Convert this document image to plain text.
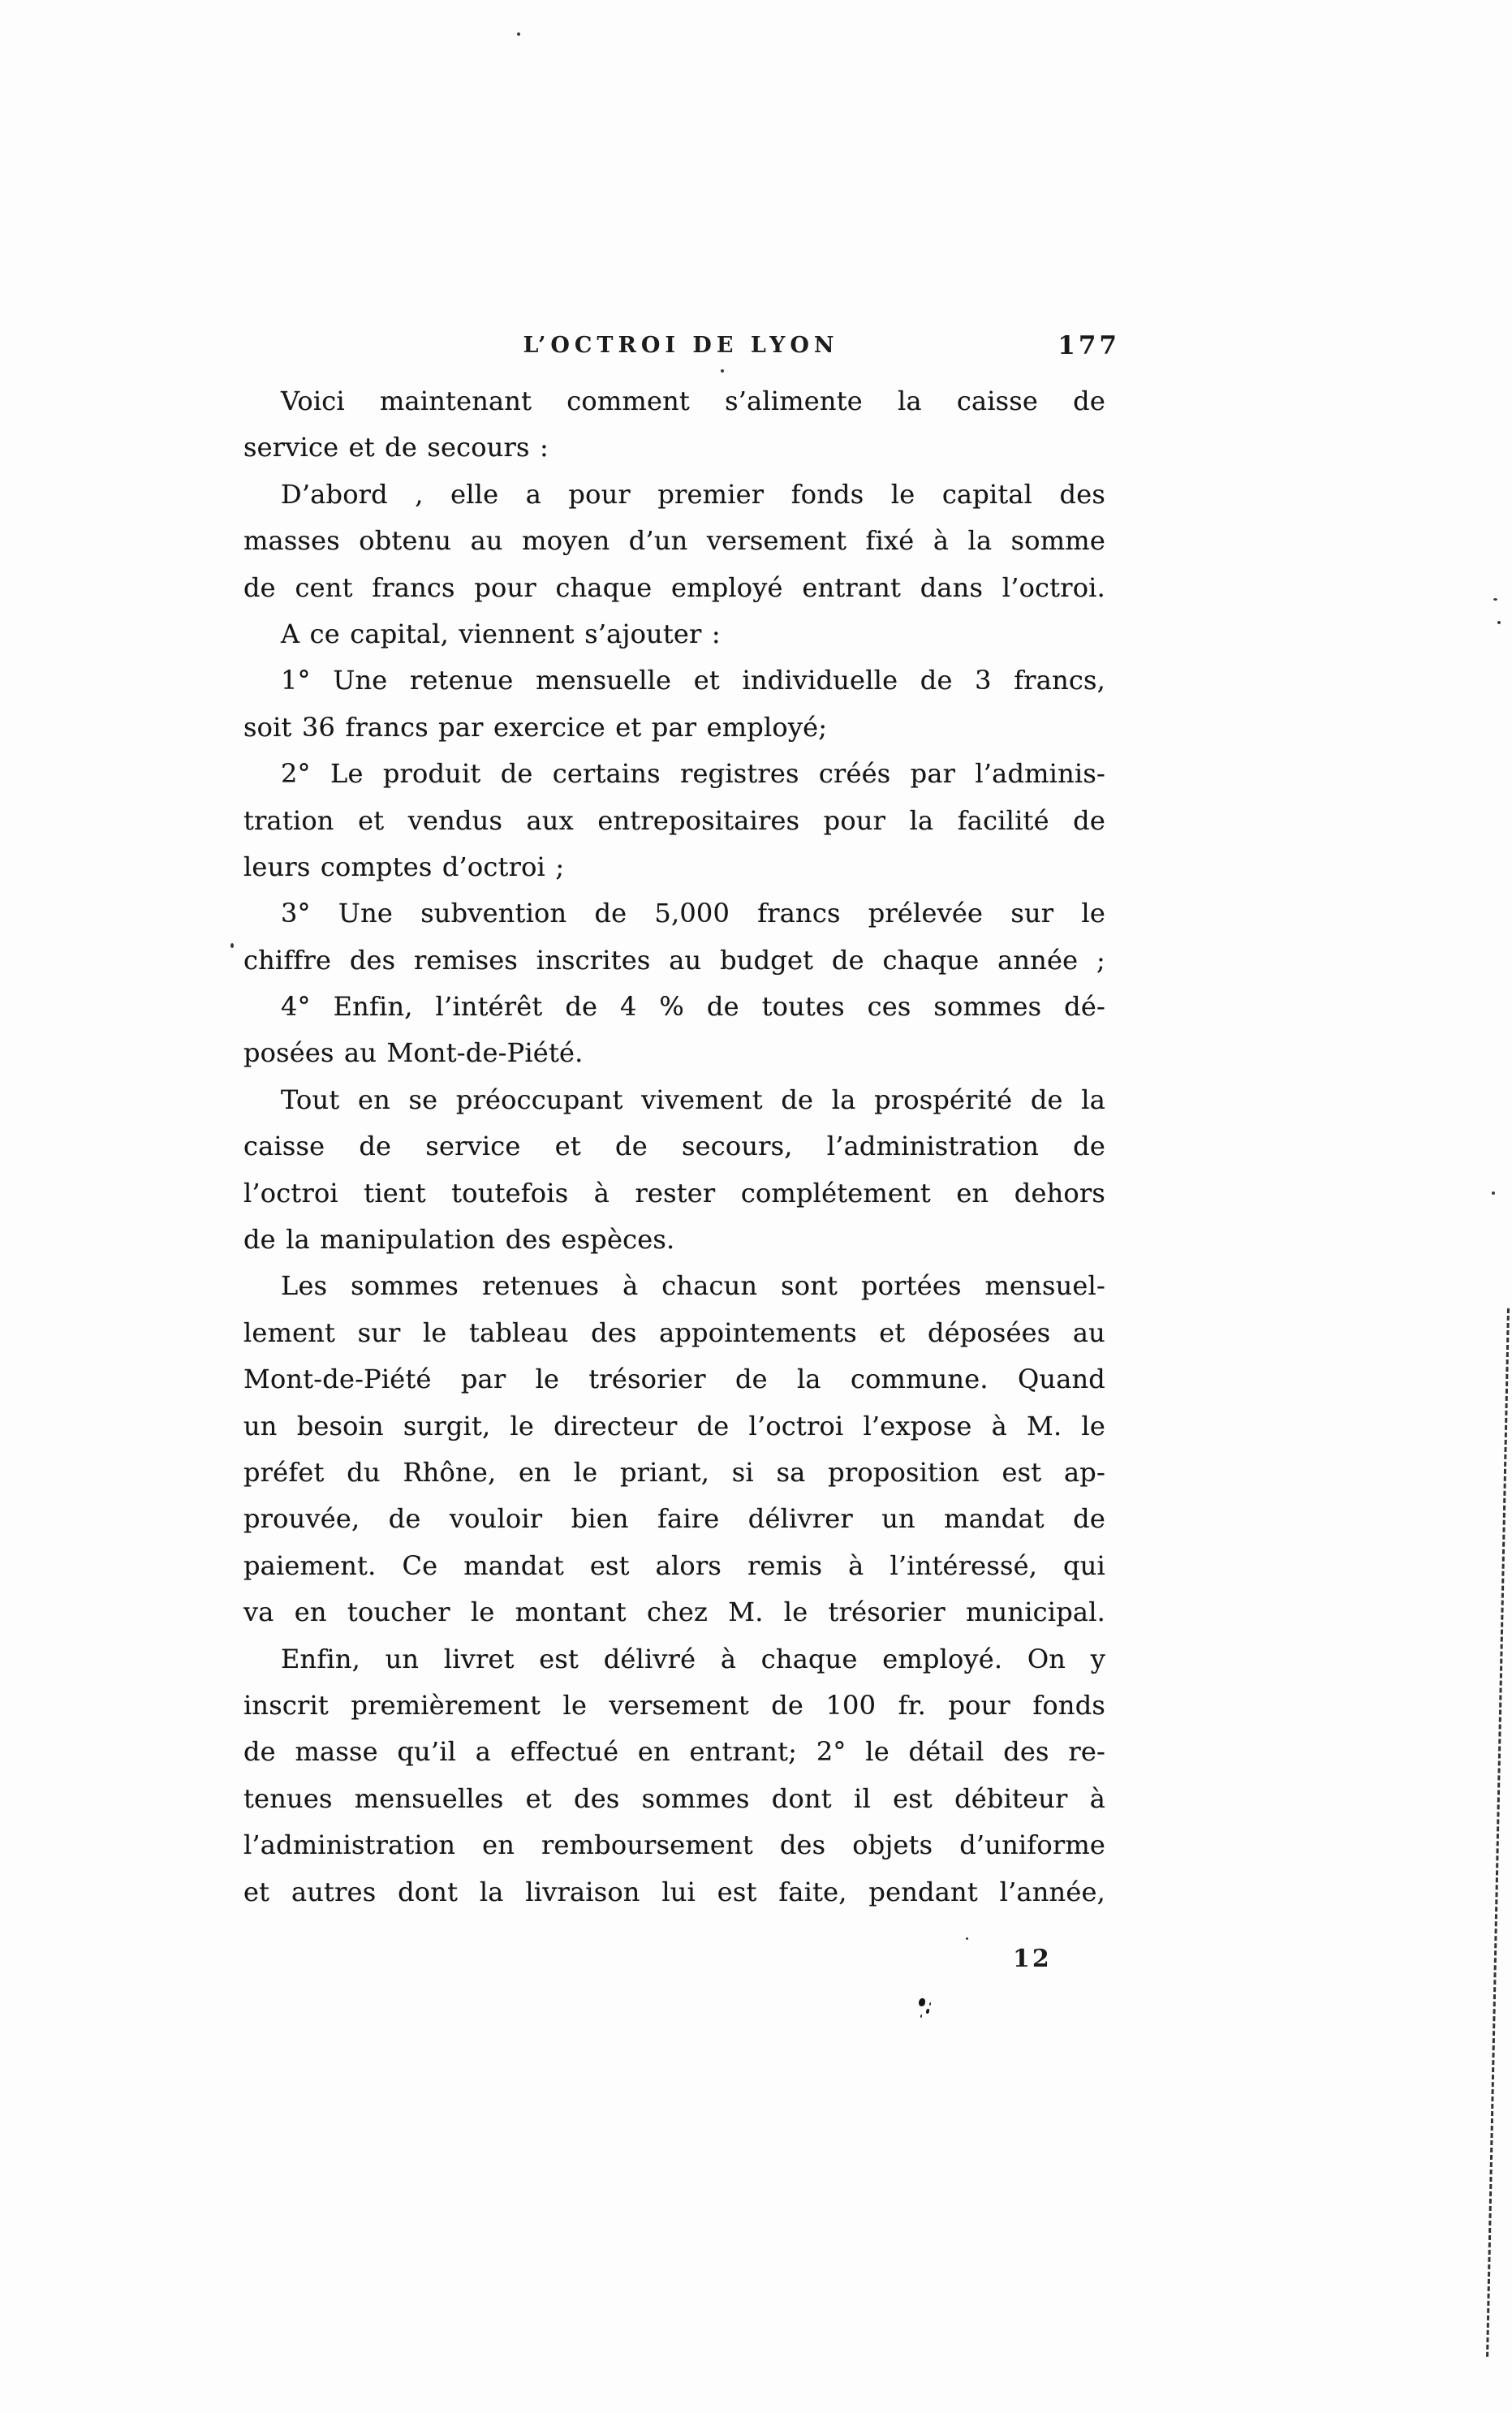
L’OCTROI DE LYON	177
Voici maintenant comment s’alimente la caisse de
service et de secours :
D’abord , elle a pour premier fonds le capital des
masses obtenu au moyen d’un versement fixé à la somme
de cent francs pour chaque employé entrant dans l’octroi.
A ce capital, viennent s’ajouter :
1° Une retenue mensuelle et individuelle de 3 francs,
soit 36 francs par exercice et par employé;
2° Le produit de certains registres créés par l’adminis-
tration et vendus aux entrepositaires pour la facilité de
leurs comptes d’octroi ;
3° Une subvention de 5,000 francs prélevée sur le
chiffre des remises inscrites au budget de chaque année ;
4° Enfin, l’intérêt de 4 % de toutes ces sommes dé-
posées au Mont-de-Piété.
Tout en se préoccupant vivement de la prospérité de la
caisse de service et de secours, l’administration de
l’octroi tient toutefois à rester complétement en dehors
de la manipulation des espèces.
Les sommes retenues à chacun sont portées mensuel-
lement sur le tableau des appointements et déposées au
Mont-de-Piété par le trésorier de la commune. Quand
un besoin surgit, le directeur de l’octroi l’expose à M. le
préfet du Rhône, en le priant, si sa proposition est ap-
prouvée, de vouloir bien faire délivrer un mandat de
paiement. Ce mandat est alors remis à l’intéressé, qui
va en toucher le montant chez M. le trésorier municipal.
Enfin, un livret est délivré à chaque employé. On y
inscrit premièrement le versement de 100 fr. pour fonds
de masse qu’il a effectué en entrant; 2° le détail des re-
tenues mensuelles et des sommes dont il est débiteur à
l’administration en remboursement des objets d’uniforme
et autres dont la livraison lui est faite, pendant l’année,
12
